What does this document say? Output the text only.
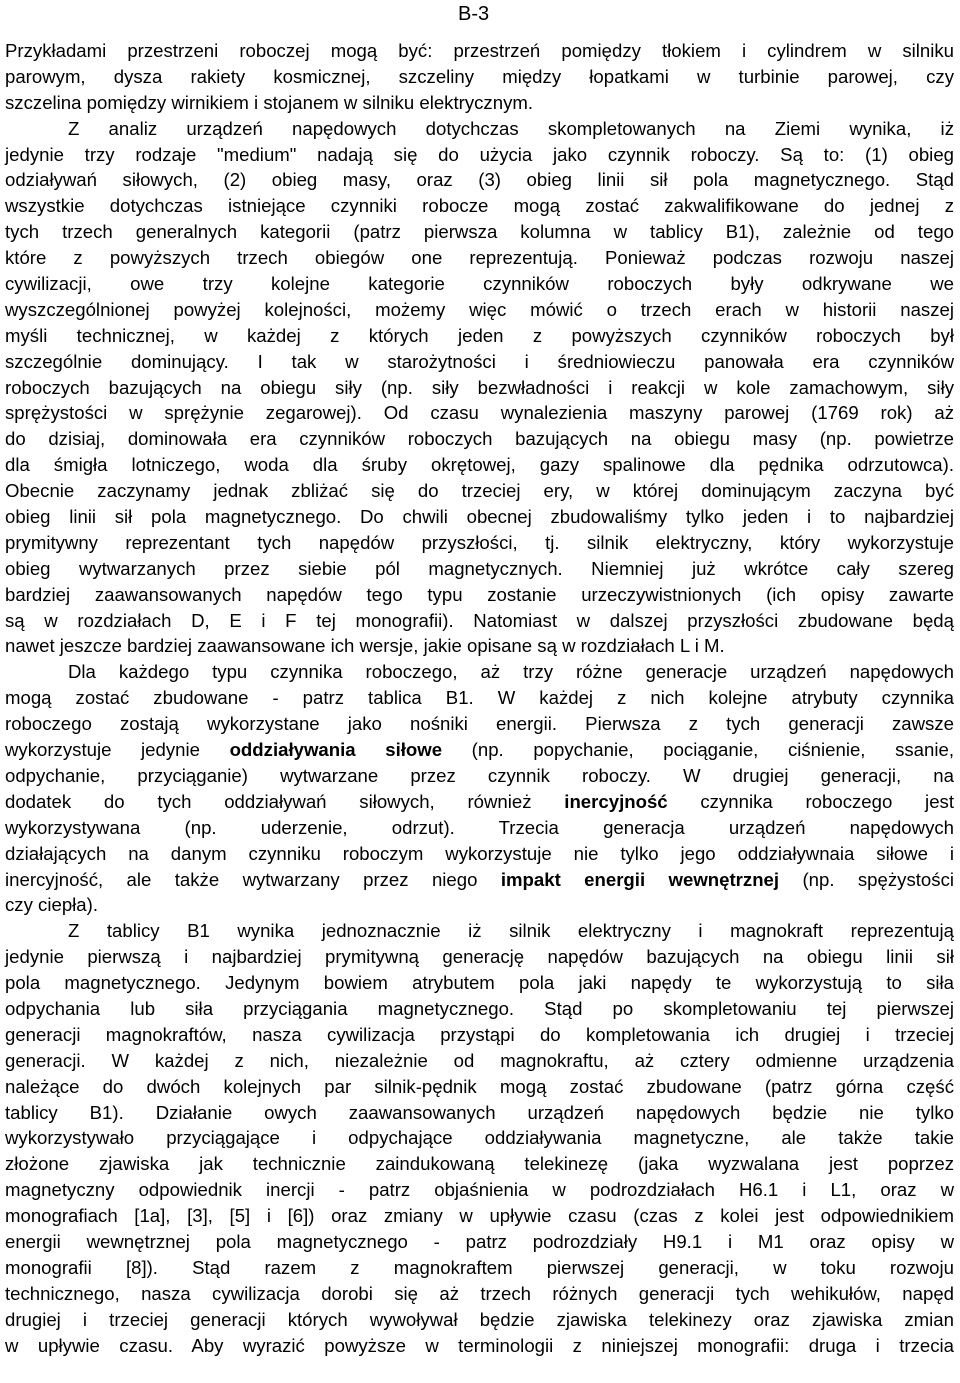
B-3
Przykładami przestrzeni roboczej mogą być: przestrzeń pomiędzy tłokiem i cylindrem w silniku
parowym, dysza rakiety kosmicznej, szczeliny między łopatkami w turbinie parowej, czy
szczelina pomiędzy wirnikiem i stojanem w silniku elektrycznym.
Z analiz urządzeń napędowych dotychczas skompletowanych na Ziemi wynika, iż
jedynie trzy rodzaje "medium" nadają się do użycia jako czynnik roboczy. Są to: (1) obieg
odziaływań siłowych, (2) obieg masy, oraz (3) obieg linii sił pola magnetycznego. Stąd
wszystkie dotychczas istniejące czynniki robocze mogą zostać zakwalifikowane do jednej z
tych trzech generalnych kategorii (patrz pierwsza kolumna w tablicy B1), zależnie od tego
które z powyższych trzech obiegów one reprezentują. Ponieważ podczas rozwoju naszej
cywilizacji, owe trzy kolejne kategorie czynników roboczych były odkrywane we
wyszczególnionej powyżej kolejności, możemy więc mówić o trzech erach w historii naszej
myśli technicznej, w każdej z których jeden z powyższych czynników roboczych był
szczególnie dominujący. I tak w starożytności i średniowieczu panowała era czynników
roboczych bazujących na obiegu siły (np. siły bezwładności i reakcji w kole zamachowym, siły
sprężystości w sprężynie zegarowej). Od czasu wynalezienia maszyny parowej (1769 rok) aż
do dzisiaj, dominowała era czynników roboczych bazujących na obiegu masy (np. powietrze
dla śmigła lotniczego, woda dla śruby okrętowej, gazy spalinowe dla pędnika odrzutowca).
Obecnie zaczynamy jednak zbliżać się do trzeciej ery, w której dominującym zaczyna być
obieg linii sił pola magnetycznego. Do chwili obecnej zbudowaliśmy tylko jeden i to najbardziej
prymitywny reprezentant tych napędów przyszłości, tj. silnik elektryczny, który wykorzystuje
obieg wytwarzanych przez siebie pól magnetycznych. Niemniej już wkrótce cały szereg
bardziej zaawansowanych napędów tego typu zostanie urzeczywistnionych (ich opisy zawarte
są w rozdziałach D, E i F tej monografii). Natomiast w dalszej przyszłości zbudowane będą
nawet jeszcze bardziej zaawansowane ich wersje, jakie opisane są w rozdziałach L i M.
Dla każdego typu czynnika roboczego, aż trzy różne generacje urządzeń napędowych
mogą zostać zbudowane - patrz tablica B1. W każdej z nich kolejne atrybuty czynnika
roboczego zostają wykorzystane jako nośniki energii. Pierwsza z tych generacji zawsze
wykorzystuje jedynie oddziaływania siłowe (np. popychanie, pociąganie, ciśnienie, ssanie,
odpychanie, przyciąganie) wytwarzane przez czynnik roboczy. W drugiej generacji, na
dodatek do tych oddziaływań siłowych, również inercyjność czynnika roboczego jest
wykorzystywana (np. uderzenie, odrzut). Trzecia generacja urządzeń napędowych
działających na danym czynniku roboczym wykorzystuje nie tylko jego oddziaływnaia siłowe i
inercyjność, ale także wytwarzany przez niego impakt energii wewnętrznej (np. spężystości
czy ciepła).
Z tablicy B1 wynika jednoznacznie iż silnik elektryczny i magnokraft reprezentują
jedynie pierwszą i najbardziej prymitywną generację napędów bazujących na obiegu linii sił
pola magnetycznego. Jedynym bowiem atrybutem pola jaki napędy te wykorzystują to siła
odpychania lub siła przyciągania magnetycznego. Stąd po skompletowaniu tej pierwszej
generacji magnokraftów, nasza cywilizacja przystąpi do kompletowania ich drugiej i trzeciej
generacji. W każdej z nich, niezależnie od magnokraftu, aż cztery odmienne urządzenia
należące do dwóch kolejnych par silnik-pędnik mogą zostać zbudowane (patrz górna część
tablicy B1). Działanie owych zaawansowanych urządzeń napędowych będzie nie tylko
wykorzystywało przyciągające i odpychające oddziaływania magnetyczne, ale także takie
złożone zjawiska jak technicznie zaindukowaną telekinezę (jaka wyzwalana jest poprzez
magnetyczny odpowiednik inercji - patrz objaśnienia w podrozdziałach H6.1 i L1, oraz w
monografiach [1a], [3], [5] i [6]) oraz zmiany w upływie czasu (czas z kolei jest odpowiednikiem
energii wewnętrznej pola magnetycznego - patrz podrozdziały H9.1 i M1 oraz opisy w
monografii [8]). Stąd razem z magnokraftem pierwszej generacji, w toku rozwoju
technicznego, nasza cywilizacja dorobi się aż trzech różnych generacji tych wehikułów, napęd
drugiej i trzeciej generacji których wywoływał będzie zjawiska telekinezy oraz zjawiska zmian
w upływie czasu. Aby wyrazić powyższe w terminologii z niniejszej monografii: druga i trzecia
